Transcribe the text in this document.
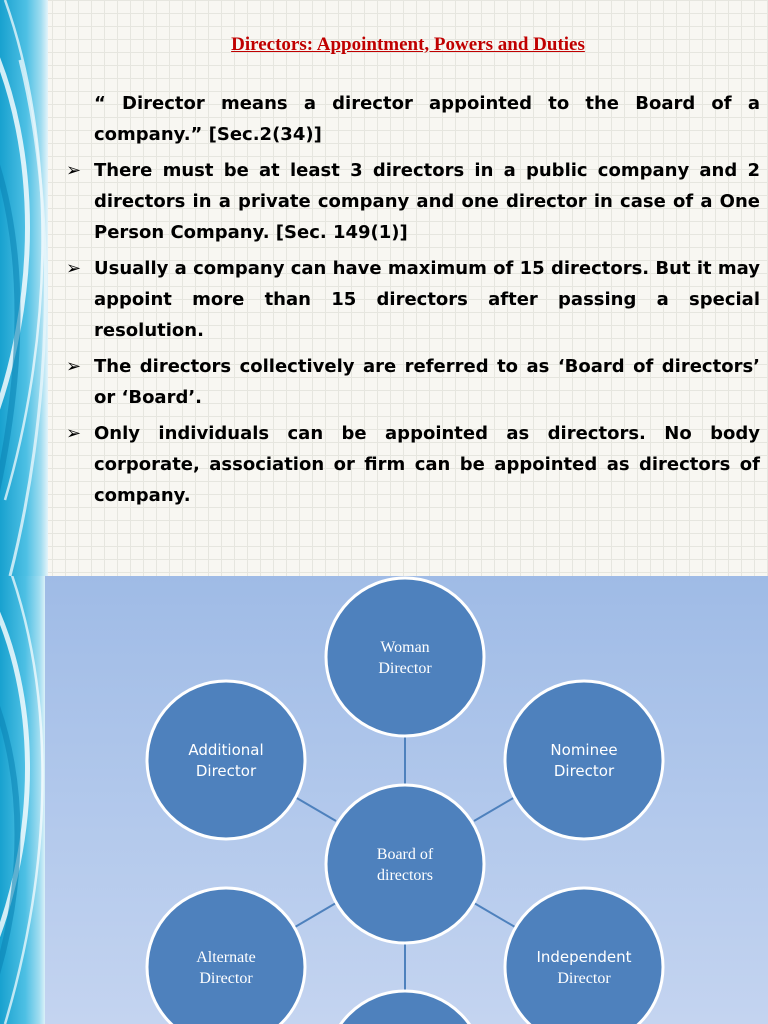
Directors: Appointment, Powers and Duties
“ Director means a director appointed to the Board of a company.” [Sec.2(34)]
➢ There must be at least 3 directors in a public company and 2 directors in a private company and one director in case of a One Person Company. [Sec. 149(1)]
➢ Usually a company can have maximum of 15 directors. But it may appoint more than 15 directors after passing a special resolution.
➢ The directors collectively are referred to as ‘Board of directors’ or ‘Board’.
➢ Only individuals can be appointed as directors. No body corporate, association or firm can be appointed as directors of company.
Woman
Director
Additional
Director
Nominee
Director
Board of
directors
Alternate
Director
Independent
Director
